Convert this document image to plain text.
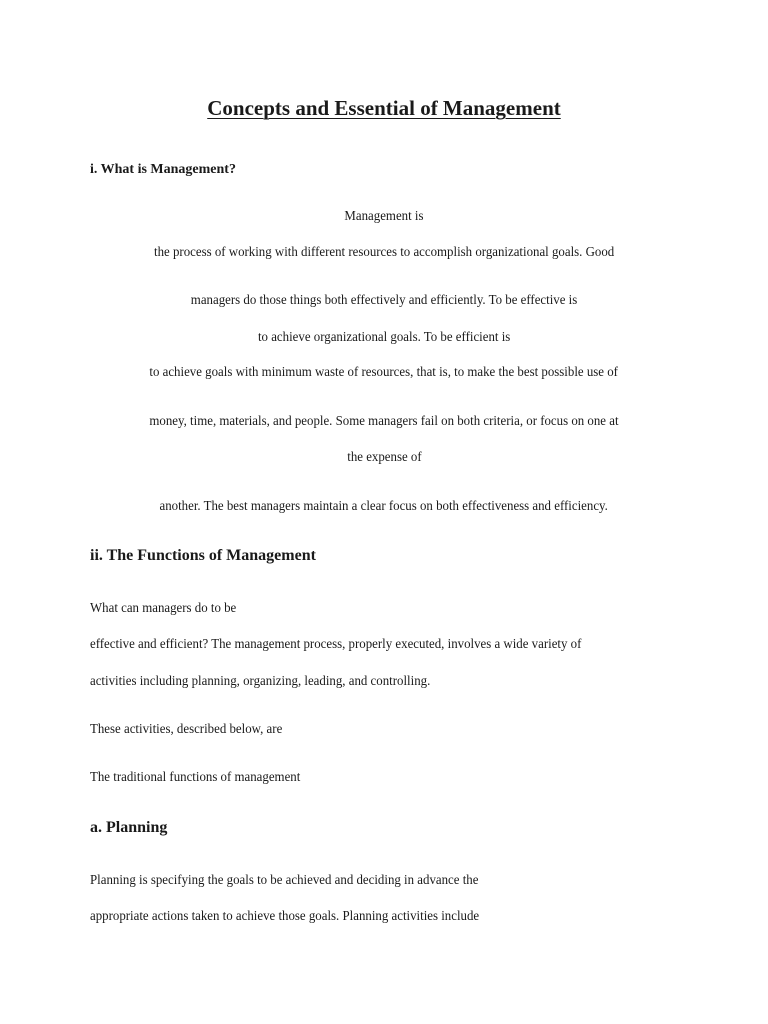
Concepts and Essential of Management
i. What is Management?
Management is
the process of working with different resources to accomplish organizational goals. Good
managers do those things both effectively and efficiently. To be effective is
to achieve organizational goals. To be efficient is
to achieve goals with minimum waste of resources, that is, to make the best possible use of
money, time, materials, and people. Some managers fail on both criteria, or focus on one at
the expense of
another. The best managers maintain a clear focus on both effectiveness and efficiency.
ii. The Functions of Management
What can managers do to be
effective and efficient? The management process, properly executed, involves a wide variety of
activities including planning, organizing, leading, and controlling.
These activities, described below, are
The traditional functions of management
a. Planning
Planning is specifying the goals to be achieved and deciding in advance the
appropriate actions taken to achieve those goals. Planning activities include
